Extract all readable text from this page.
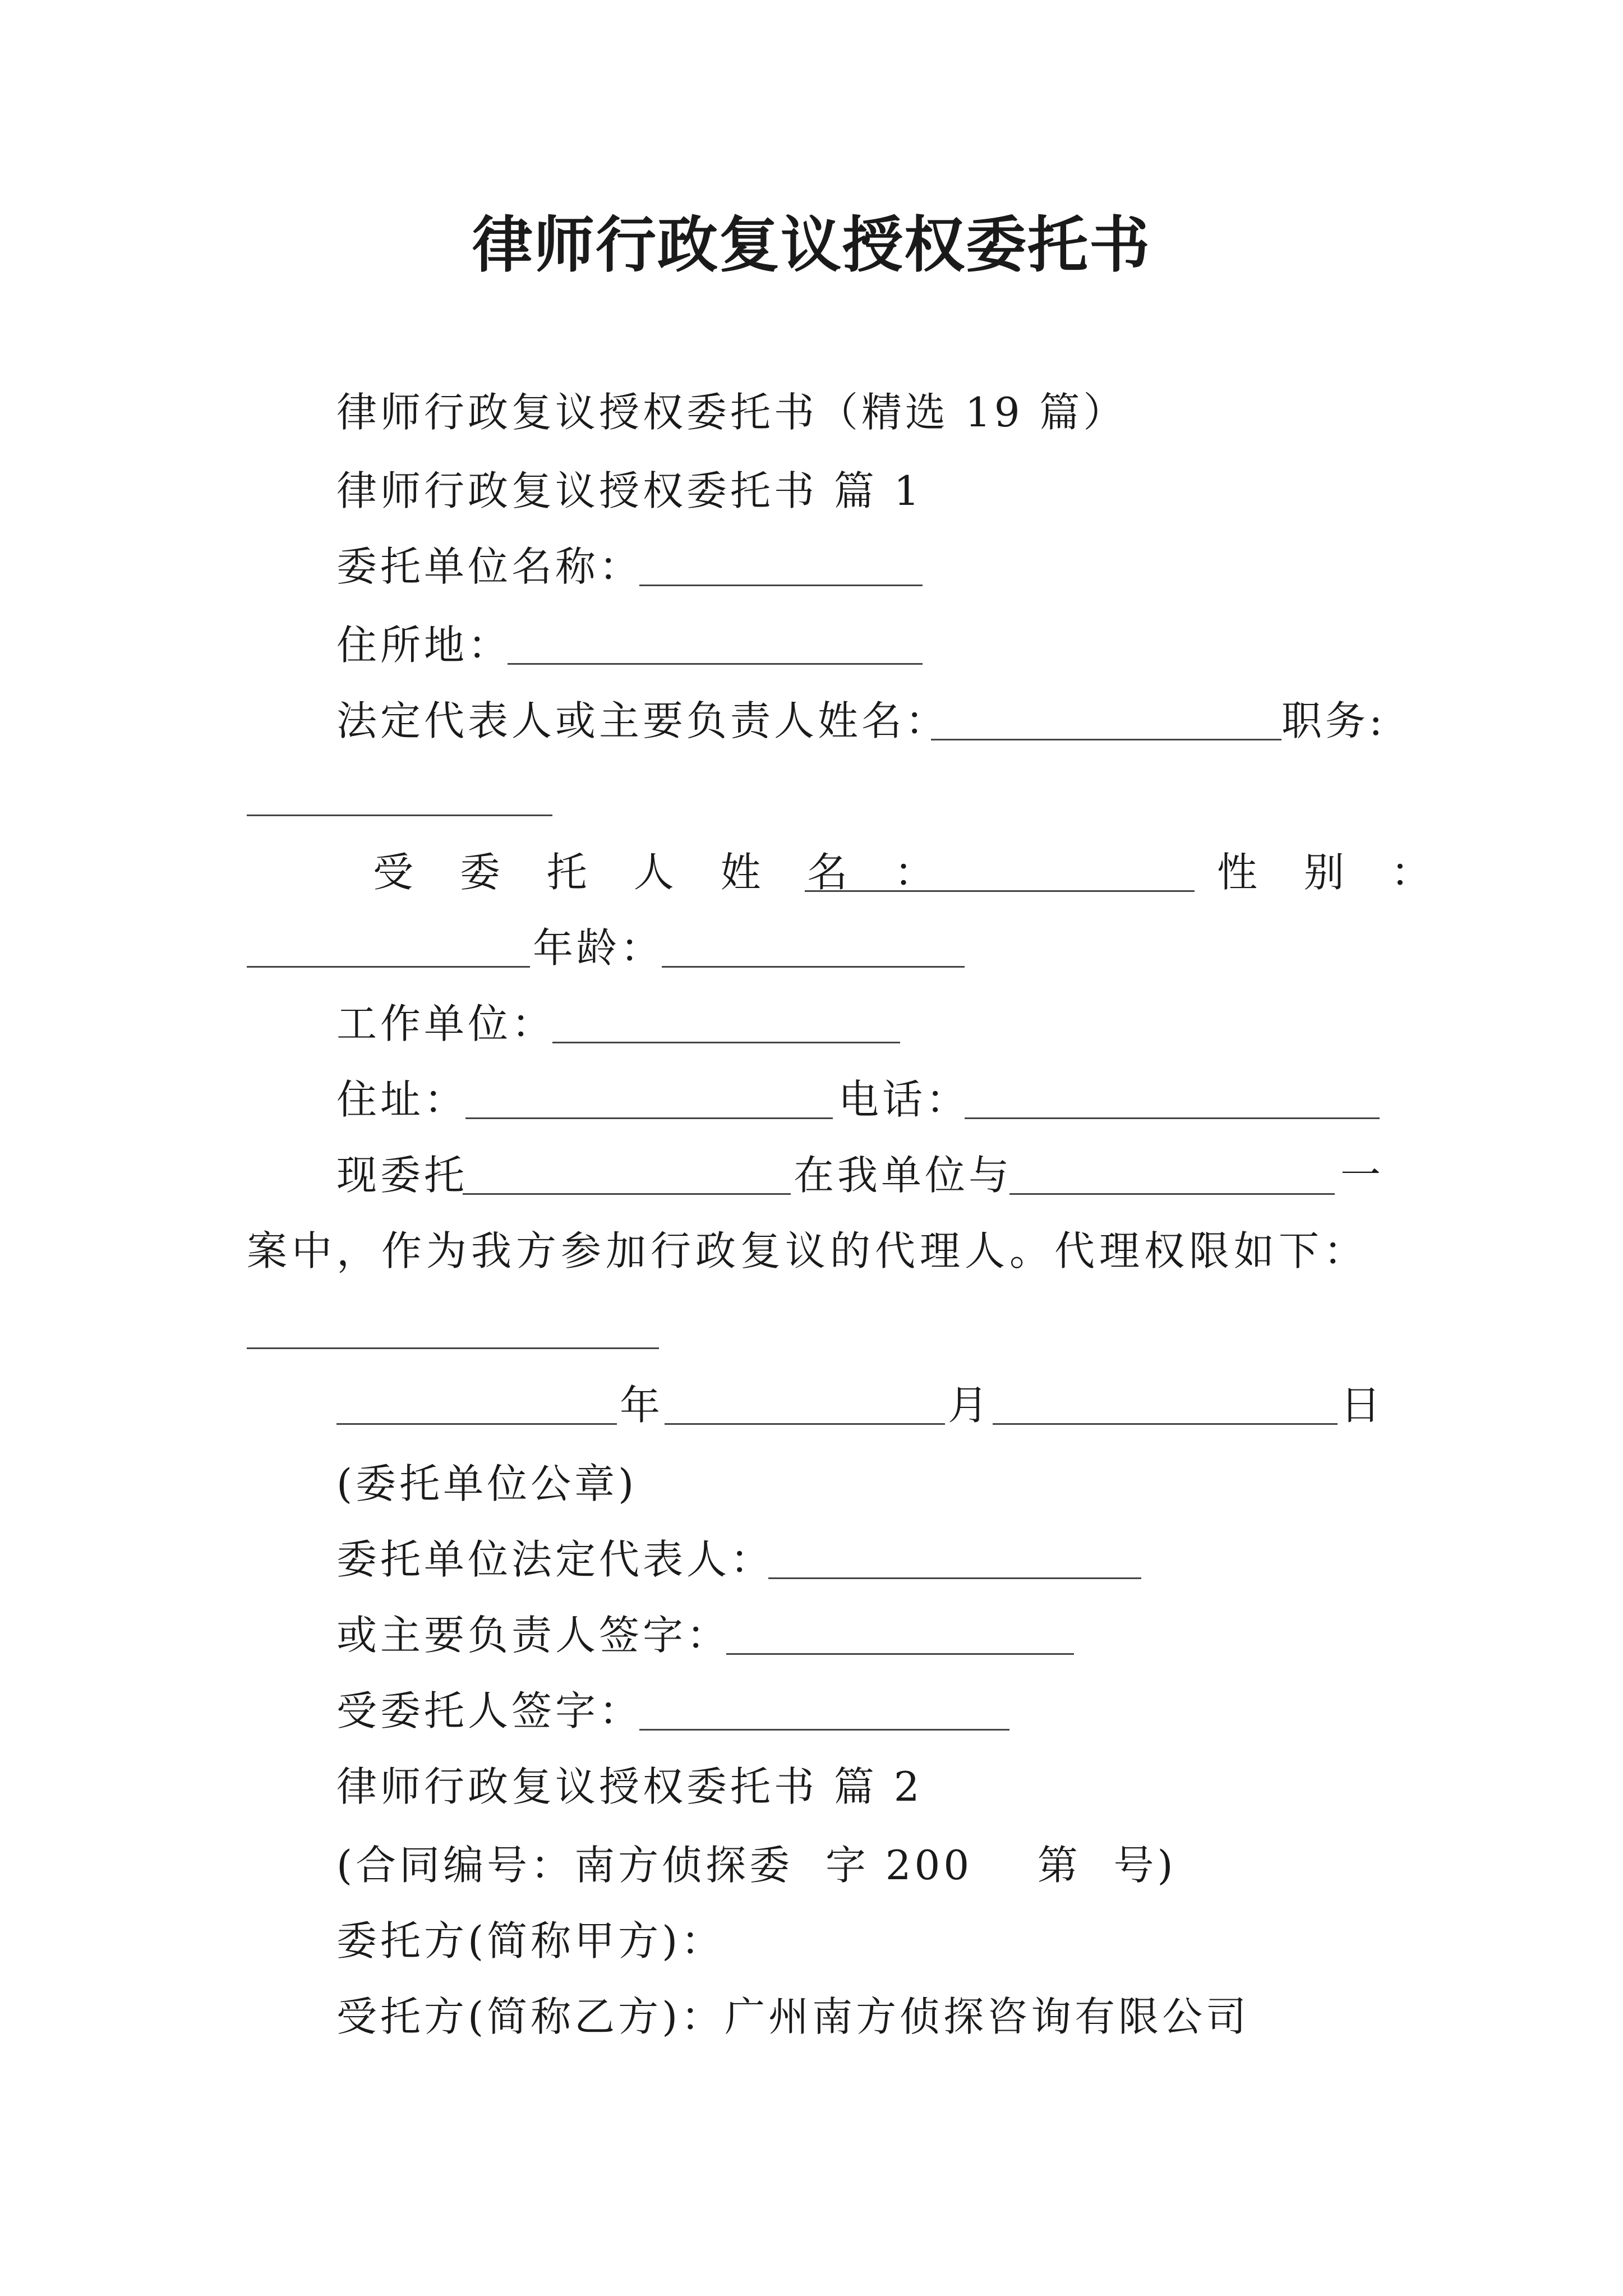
律师行政复议授权委托书
律师行政复议授权委托书（精选 19 篇）
律师行政复议授权委托书 篇 1
委托单位名称：
住所地：
法定代表人或主要负责人姓名：	职务:
受 委 托 人 姓 名 ：	性 别 ：
年龄：
工作单位：
住址：	电话：
现委托	在我单位与	一
案中，作为我方参加行政复议的代理人。代理权限如下：
年	月	日
(委托单位公章)
委托单位法定代表人：
或主要负责人签字：
受委托人签字：
律师行政复议授权委托书 篇 2
(合同编号：南方侦探委  字 200    第  号)
委托方(简称甲方)：
受托方(简称乙方)：广州南方侦探咨询有限公司
